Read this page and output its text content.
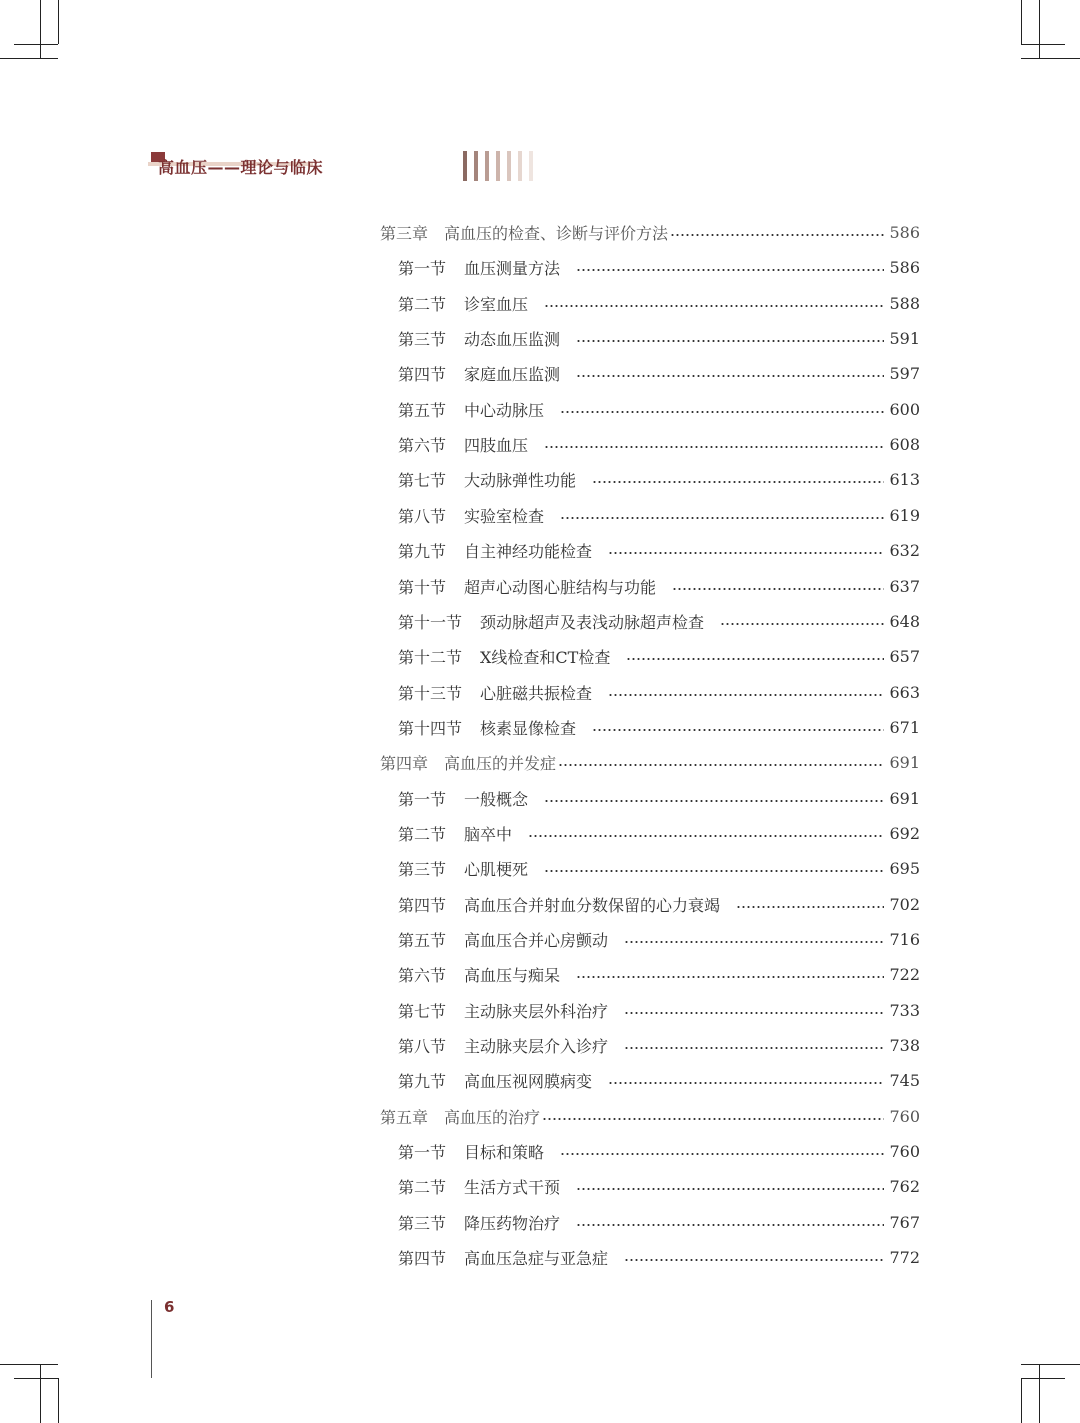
高血压——理论与临床
第三章 高血压的检查、诊断与评价方法	586
第一节 血压测量方法	586
第二节 诊室血压	588
第三节 动态血压监测	591
第四节 家庭血压监测	597
第五节 中心动脉压	600
第六节 四肢血压	608
第七节 大动脉弹性功能	613
第八节 实验室检查	619
第九节 自主神经功能检查	632
第十节 超声心动图心脏结构与功能	637
第十一节 颈动脉超声及表浅动脉超声检查	648
第十二节 X线检查和CT检查	657
第十三节 心脏磁共振检查	663
第十四节 核素显像检查	671
第四章 高血压的并发症	691
第一节 一般概念	691
第二节 脑卒中	692
第三节 心肌梗死	695
第四节 高血压合并射血分数保留的心力衰竭	702
第五节 高血压合并心房颤动	716
第六节 高血压与痴呆	722
第七节 主动脉夹层外科治疗	733
第八节 主动脉夹层介入诊疗	738
第九节 高血压视网膜病变	745
第五章 高血压的治疗	760
第一节 目标和策略	760
第二节 生活方式干预	762
第三节 降压药物治疗	767
第四节 高血压急症与亚急症	772
6
